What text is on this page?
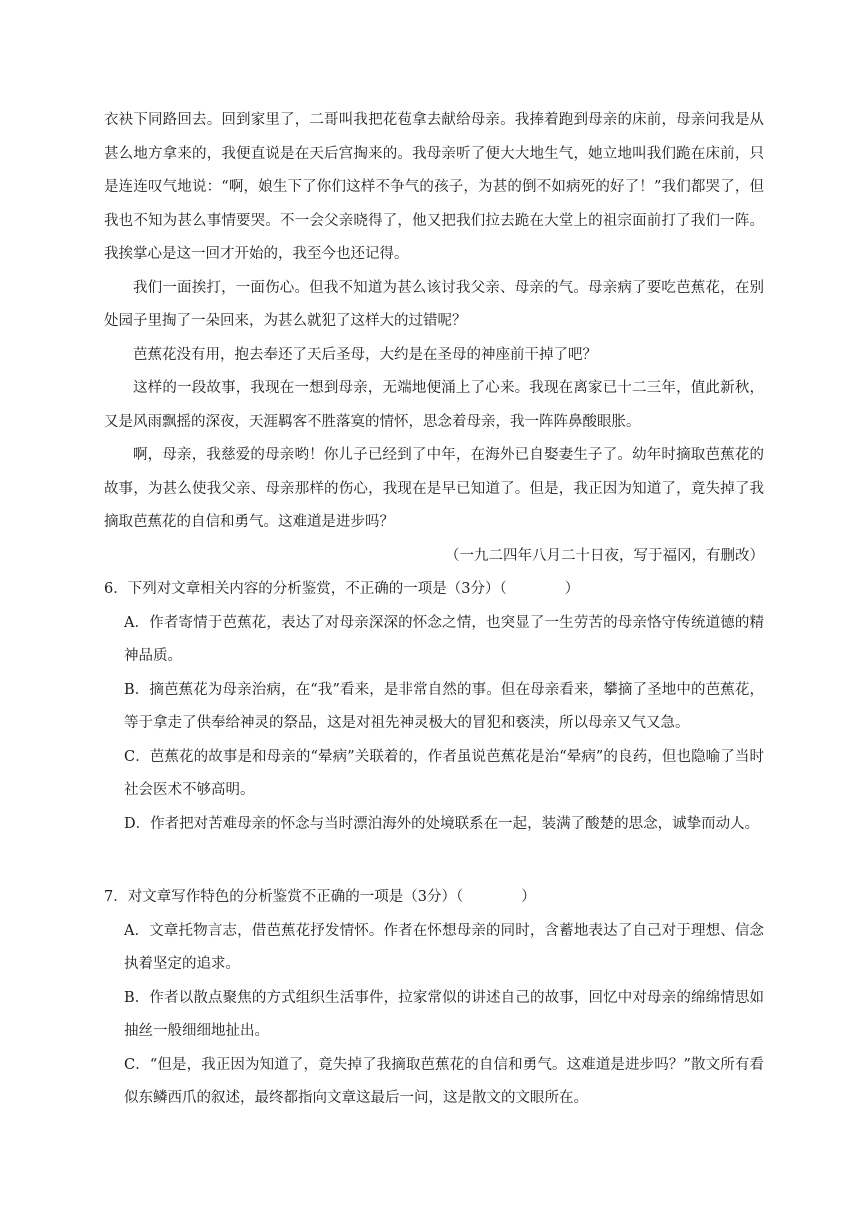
衣袂下同路回去。回到家里了，二哥叫我把花苞拿去献给母亲。我捧着跑到母亲的床前，母亲问我是从甚么地方拿来的，我便直说是在天后宫掏来的。我母亲听了便大大地生气，她立地叫我们跪在床前，只是连连叹气地说：“啊，娘生下了你们这样不争气的孩子，为甚的倒不如病死的好了！”我们都哭了，但我也不知为甚么事情要哭。不一会父亲晓得了，他又把我们拉去跪在大堂上的祖宗面前打了我们一阵。我挨掌心是这一回才开始的，我至今也还记得。

我们一面挨打，一面伤心。但我不知道为甚么该讨我父亲、母亲的气。母亲病了要吃芭蕉花，在别处园子里掏了一朵回来，为甚么就犯了这样大的过错呢？

芭蕉花没有用，抱去奉还了天后圣母，大约是在圣母的神座前干掉了吧？

这样的一段故事，我现在一想到母亲，无端地便涌上了心来。我现在离家已十二三年，值此新秋，又是风雨飘摇的深夜，天涯羁客不胜落寞的情怀，思念着母亲，我一阵阵鼻酸眼胀。

啊，母亲，我慈爱的母亲哟！你儿子已经到了中年，在海外已自娶妻生子了。幼年时摘取芭蕉花的故事，为甚么使我父亲、母亲那样的伤心，我现在是早已知道了。但是，我正因为知道了，竟失掉了我摘取芭蕉花的自信和勇气。这难道是进步吗？

（一九二四年八月二十日夜，写于福冈，有删改）

6．下列对文章相关内容的分析鉴赏，不正确的一项是（3分）（　　　　）

A．作者寄情于芭蕉花，表达了对母亲深深的怀念之情，也突显了一生劳苦的母亲恪守传统道德的精神品质。

B．摘芭蕉花为母亲治病，在“我”看来，是非常自然的事。但在母亲看来，攀摘了圣地中的芭蕉花，等于拿走了供奉给神灵的祭品，这是对祖先神灵极大的冒犯和亵渎，所以母亲又气又急。

C．芭蕉花的故事是和母亲的“晕病”关联着的，作者虽说芭蕉花是治“晕病”的良药，但也隐喻了当时社会医术不够高明。

D．作者把对苦难母亲的怀念与当时漂泊海外的处境联系在一起，装满了酸楚的思念，诚挚而动人。

7．对文章写作特色的分析鉴赏不正确的一项是（3分）（　　　　）

A．文章托物言志，借芭蕉花抒发情怀。作者在怀想母亲的同时，含蓄地表达了自己对于理想、信念执着坚定的追求。

B．作者以散点聚焦的方式组织生活事件，拉家常似的讲述自己的故事，回忆中对母亲的绵绵情思如抽丝一般细细地扯出。

C．“但是，我正因为知道了，竟失掉了我摘取芭蕉花的自信和勇气。这难道是进步吗？”散文所有看似东鳞西爪的叙述，最终都指向文章这最后一问，这是散文的文眼所在。
